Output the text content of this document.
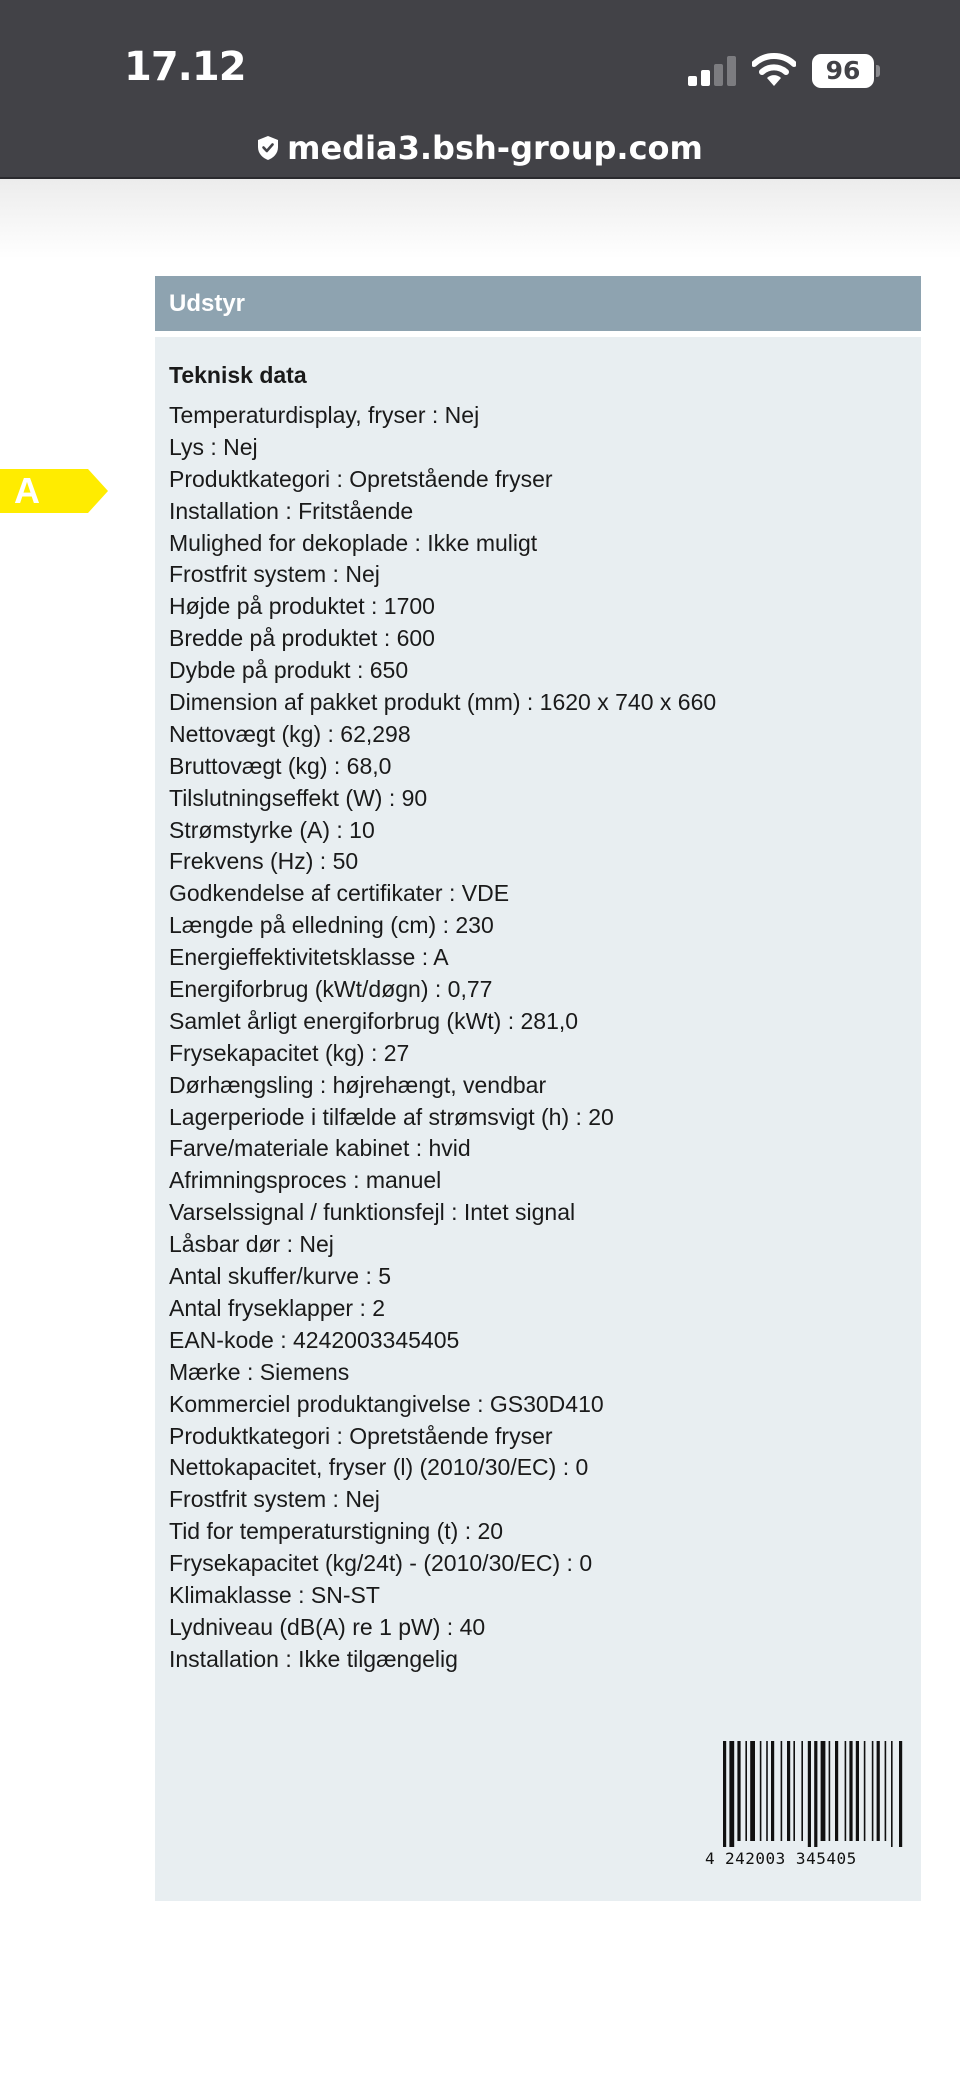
17.12	96
media3.bsh-group.com
A
Udstyr
Teknisk data
Temperaturdisplay, fryser : Nej
Lys : Nej
Produktkategori : Opretstående fryser
Installation : Fritstående
Mulighed for dekoplade : Ikke muligt
Frostfrit system : Nej
Højde på produktet : 1700
Bredde på produktet : 600
Dybde på produkt : 650
Dimension af pakket produkt (mm) : 1620 x 740 x 660
Nettovægt (kg) : 62,298
Bruttovægt (kg) : 68,0
Tilslutningseffekt (W) : 90
Strømstyrke (A) : 10
Frekvens (Hz) : 50
Godkendelse af certifikater : VDE
Længde på elledning (cm) : 230
Energieffektivitetsklasse : A
Energiforbrug (kWt/døgn) : 0,77
Samlet årligt energiforbrug (kWt) : 281,0
Frysekapacitet (kg) : 27
Dørhængsling : højrehængt, vendbar
Lagerperiode i tilfælde af strømsvigt (h) : 20
Farve/materiale kabinet : hvid
Afrimningsproces : manuel
Varselssignal / funktionsfejl : Intet signal
Låsbar dør : Nej
Antal skuffer/kurve : 5
Antal fryseklapper : 2
EAN-kode : 4242003345405
Mærke : Siemens
Kommerciel produktangivelse : GS30D410
Produktkategori : Opretstående fryser
Nettokapacitet, fryser (l) (2010/30/EC) : 0
Frostfrit system : Nej
Tid for temperaturstigning (t) : 20
Frysekapacitet (kg/24t) - (2010/30/EC) : 0
Klimaklasse : SN-ST
Lydniveau (dB(A) re 1 pW) : 40
Installation : Ikke tilgængelig
4 242003 345405
